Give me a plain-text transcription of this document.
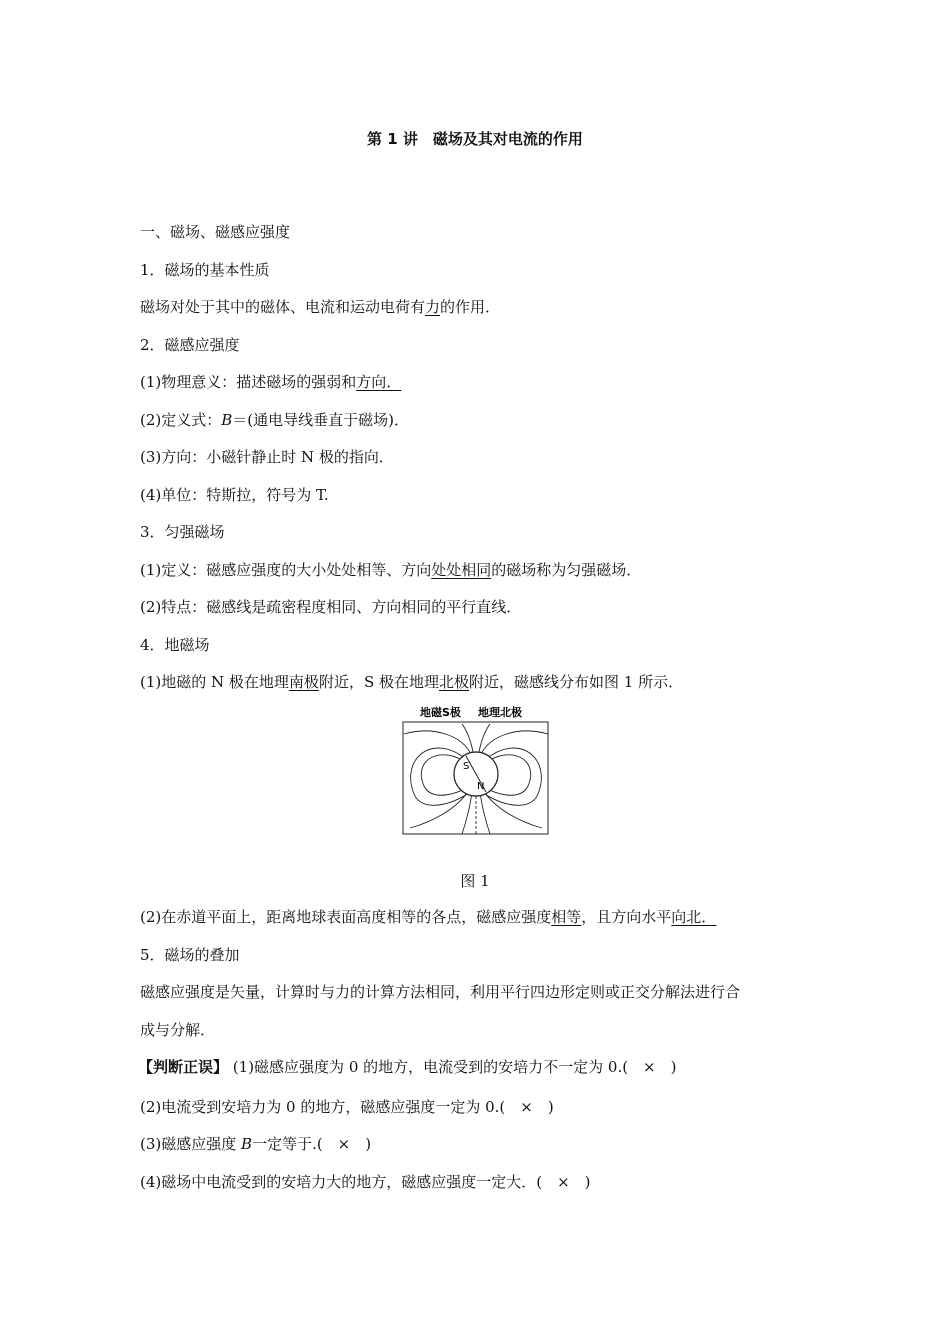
第 1 讲　磁场及其对电流的作用
一、磁场、磁感应强度
1．磁场的基本性质
磁场对处于其中的磁体、电流和运动电荷有力的作用．
2．磁感应强度
(1)物理意义：描述磁场的强弱和方向．
(2)定义式：B＝(通电导线垂直于磁场)．
(3)方向：小磁针静止时 N 极的指向．
(4)单位：特斯拉，符号为 T.
3．匀强磁场
(1)定义：磁感应强度的大小处处相等、方向处处相同的磁场称为匀强磁场．
(2)特点：磁感线是疏密程度相同、方向相同的平行直线．
4．地磁场
(1)地磁的 N 极在地理南极附近，S 极在地理北极附近，磁感线分布如图 1 所示．
地磁S极 地理北极
S
N
图 1
(2)在赤道平面上，距离地球表面高度相等的各点，磁感应强度相等，且方向水平向北．
5．磁场的叠加
磁感应强度是矢量，计算时与力的计算方法相同，利用平行四边形定则或正交分解法进行合
成与分解．
【判断正误】 (1)磁感应强度为 0 的地方，电流受到的安培力不一定为 0.(　×　)
(2)电流受到安培力为 0 的地方，磁感应强度一定为 0.(　×　)
(3)磁感应强度 B一定等于.(　×　)
(4)磁场中电流受到的安培力大的地方，磁感应强度一定大．(　×　)
